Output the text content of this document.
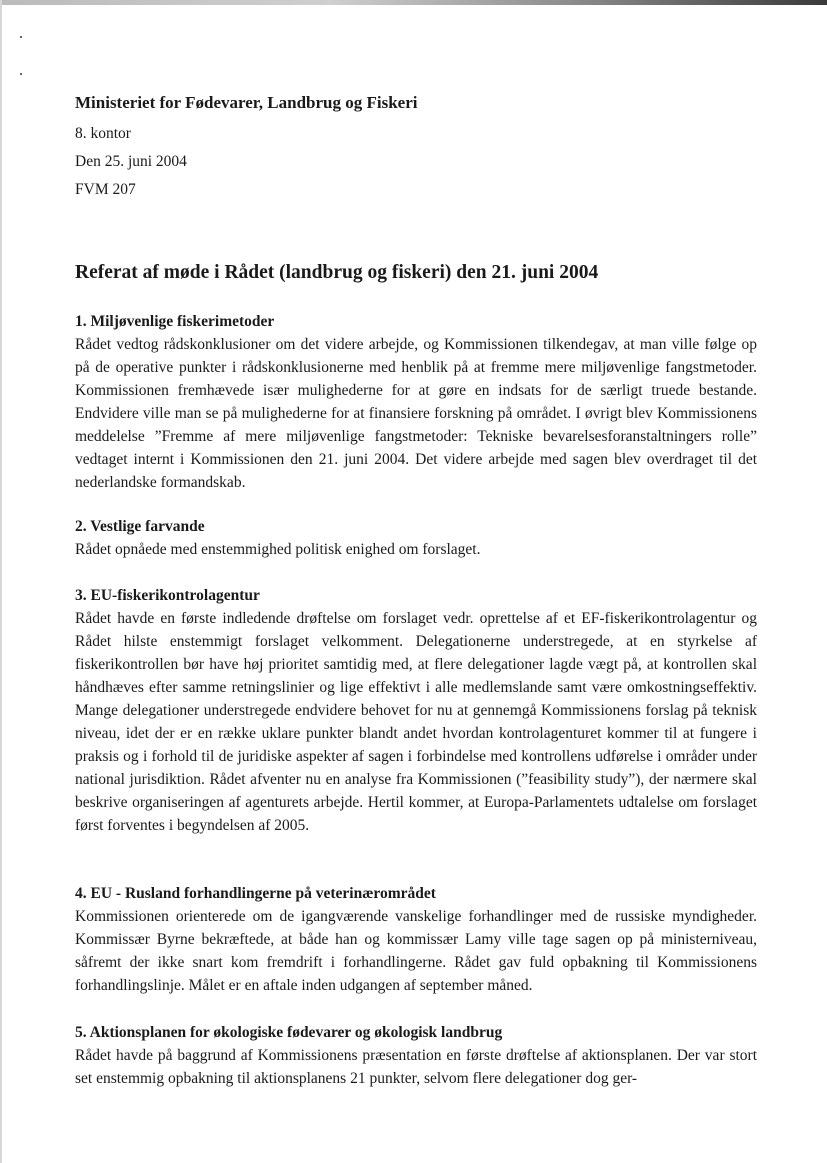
Ministeriet for Fødevarer, Landbrug og Fiskeri

8. kontor

Den 25. juni 2004

FVM 207

Referat af møde i Rådet (landbrug og fiskeri) den 21. juni 2004

1. Miljøvenlige fiskerimetoder

Rådet vedtog rådskonklusioner om det videre arbejde, og Kommissionen tilkendegav, at man ville følge op på de operative punkter i rådskonklusionerne med henblik på at fremme mere miljøvenlige fangstmetoder. Kommissionen fremhævede især mulighederne for at gøre en indsats for de særligt truede bestande. Endvidere ville man se på mulighederne for at finansiere forskning på området. I øvrigt blev Kommissionens meddelelse ”Fremme af mere miljøvenlige fangstmetoder: Tekniske bevarelsesforanstaltningers rolle” vedtaget internt i Kommissionen den 21. juni 2004. Det videre arbejde med sagen blev overdraget til det nederlandske formandskab.

2. Vestlige farvande

Rådet opnåede med enstemmighed politisk enighed om forslaget.

3. EU-fiskerikontrolagentur

Rådet havde en første indledende drøftelse om forslaget vedr. oprettelse af et EF-fiskerikontrolagentur og Rådet hilste enstemmigt forslaget velkomment. Delegationerne understregede, at en styrkelse af fiskerikontrollen bør have høj prioritet samtidig med, at flere delegationer lagde vægt på, at kontrollen skal håndhæves efter samme retningslinier og lige effektivt i alle medlemslande samt være omkostningseffektiv. Mange delegationer understregede endvidere behovet for nu at gennemgå Kommissionens forslag på teknisk niveau, idet der er en række uklare punkter blandt andet hvordan kontrolagenturet kommer til at fungere i praksis og i forhold til de juridiske aspekter af sagen i forbindelse med kontrollens udførelse i områder under national jurisdiktion. Rådet afventer nu en analyse fra Kommissionen (”feasibility study”), der nærmere skal beskrive organiseringen af agenturets arbejde. Hertil kommer, at Europa-Parlamentets udtalelse om forslaget først forventes i begyndelsen af 2005.

4. EU - Rusland forhandlingerne på veterinærområdet

Kommissionen orienterede om de igangværende vanskelige forhandlinger med de russiske myndigheder. Kommissær Byrne bekræftede, at både han og kommissær Lamy ville tage sagen op på ministerniveau, såfremt der ikke snart kom fremdrift i forhandlingerne. Rådet gav fuld opbakning til Kommissionens forhandlingslinje. Målet er en aftale inden udgangen af september måned.

5. Aktionsplanen for økologiske fødevarer og økologisk landbrug

Rådet havde på baggrund af Kommissionens præsentation en første drøftelse af aktionsplanen. Der var stort set enstemmig opbakning til aktionsplanens 21 punkter, selvom flere delegationer dog ger-
